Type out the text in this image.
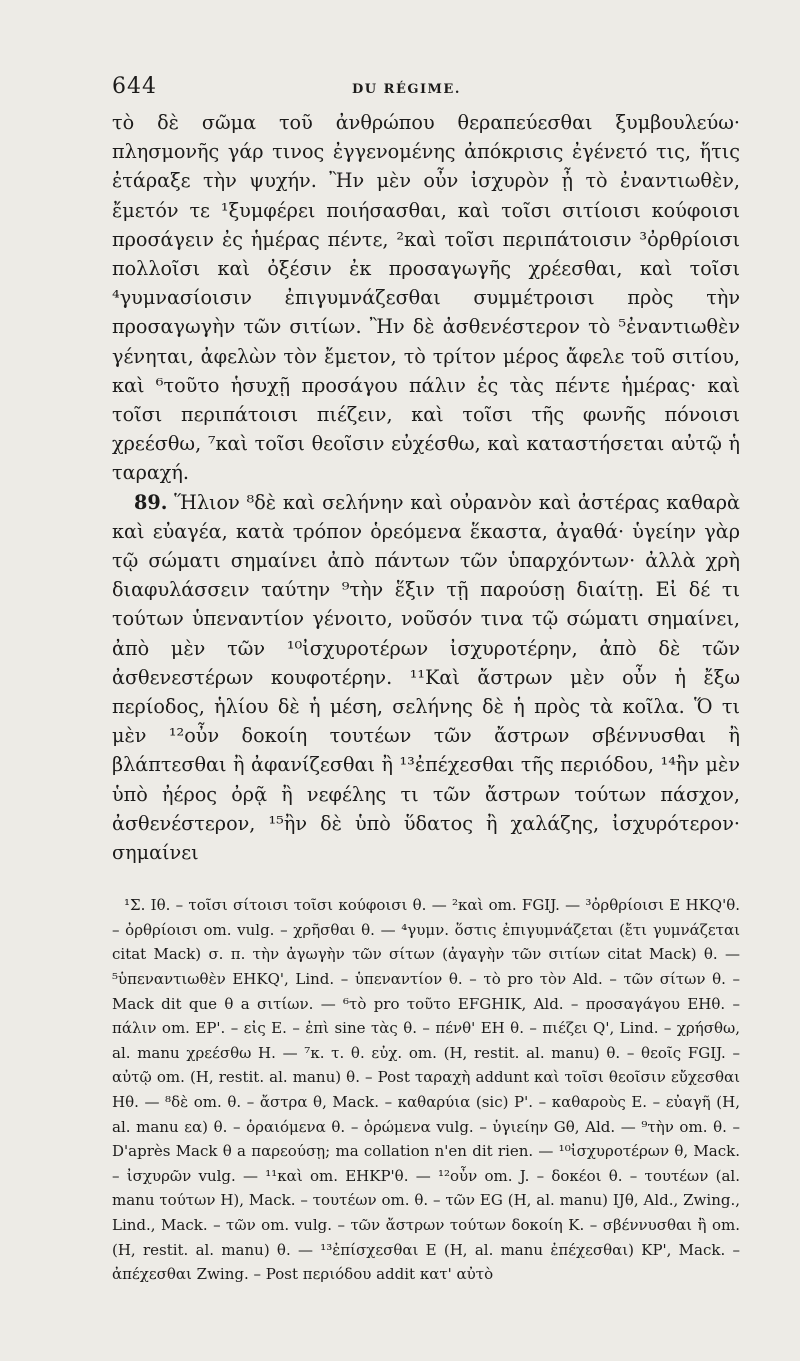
644	DU RÉGIME.

τὸ δὲ σῶμα τοῦ ἀνθρώπου θεραπεύεσθαι ξυμβουλεύω· πλησμονῆς γάρ τινος ἐγγενομένης ἀπόκρισις ἐγένετό τις, ἥτις ἐτάραξε τὴν ψυχήν. Ἢν μὲν οὖν ἰσχυρὸν ᾖ τὸ ἐναντιωθὲν, ἔμετόν τε ¹ξυμφέρει ποιήσασθαι, καὶ τοῖσι σιτίοισι κούφοισι προσάγειν ἐς ἡμέρας πέντε, ²καὶ τοῖσι περιπάτοισιν ³ὀρθρίοισι πολλοῖσι καὶ ὀξέσιν ἐκ προσαγωγῆς χρέεσθαι, καὶ τοῖσι ⁴γυμνασίοισιν ἐπιγυμνάζεσθαι συμμέτροισι πρὸς τὴν προσαγωγὴν τῶν σιτίων. Ἢν δὲ ἀσθενέστερον τὸ ⁵ἐναντιωθὲν γένηται, ἀφελὼν τὸν ἔμετον, τὸ τρίτον μέρος ἄφελε τοῦ σιτίου, καὶ ⁶τοῦτο ἡσυχῇ προσάγου πάλιν ἐς τὰς πέντε ἡμέρας· καὶ τοῖσι περιπάτοισι πιέζειν, καὶ τοῖσι τῆς φωνῆς πόνοισι χρεέσθω, ⁷καὶ τοῖσι θεοῖσιν εὐχέσθω, καὶ καταστήσεται αὐτῷ ἡ ταραχή.

89. Ἥλιον ⁸δὲ καὶ σελήνην καὶ οὐρανὸν καὶ ἀστέρας καθαρὰ καὶ εὐαγέα, κατὰ τρόπον ὁρεόμενα ἕκαστα, ἀγαθά· ὑγείην γὰρ τῷ σώματι σημαίνει ἀπὸ πάντων τῶν ὑπαρχόντων· ἀλλὰ χρὴ διαφυλάσσειν ταύτην ⁹τὴν ἕξιν τῇ παρούσῃ διαίτῃ. Εἰ δέ τι τούτων ὑπεναντίον γένοιτο, νοῦσόν τινα τῷ σώματι σημαίνει, ἀπὸ μὲν τῶν ¹⁰ἰσχυροτέρων ἰσχυροτέρην, ἀπὸ δὲ τῶν ἀσθενεστέρων κουφοτέρην. ¹¹Καὶ ἄστρων μὲν οὖν ἡ ἔξω περίοδος, ἡλίου δὲ ἡ μέση, σελήνης δὲ ἡ πρὸς τὰ κοῖλα. Ὅ τι μὲν ¹²οὖν δοκοίη τουτέων τῶν ἄστρων σβέννυσθαι ἢ βλάπτεσθαι ἢ ἀφανίζεσθαι ἢ ¹³ἐπέχεσθαι τῆς περιόδου, ¹⁴ἢν μὲν ὑπὸ ἠέρος ὀρᾷ ἢ νεφέλης τι τῶν ἄστρων τούτων πάσχον, ἀσθενέστερον, ¹⁵ἢν δὲ ὑπὸ ὕδατος ἢ χαλάζης, ἰσχυρότερον· σημαίνει

¹Σ. Ιθ. – τοῖσι σίτοισι τοῖσι κούφοισι θ. — ²καὶ om. FGIJ. — ³ὀρθρίοισι E HKQ'θ. – ὀρθρίοισι om. vulg. – χρῆσθαι θ. — ⁴γυμν. ὅστις ἐπιγυμνάζεται (ἔτι γυμνάζεται citat Mack) σ. π. τὴν ἀγωγὴν τῶν σίτων (ἀγαγὴν τῶν σιτίων citat Mack) θ. — ⁵ὑπεναντιωθὲν EHKQ', Lind. – ὑπεναντίον θ. – τὸ pro τὸν Ald. – τῶν σίτων θ. – Mack dit que θ a σιτίων. — ⁶τὸ pro τοῦτο EFGHIK, Ald. – προσαγάγου EHθ. – πάλιν om. EP'. – εἰς E. – ἐπὶ sine τὰς θ. – πένθ' EH θ. – πιέζει Q', Lind. – χρήσθω, al. manu χρεέσθω H. — ⁷κ. τ. θ. εὐχ. om. (H, restit. al. manu) θ. – θεοῖς FGIJ. – αὐτῷ om. (H, restit. al. manu) θ. – Post ταραχὴ addunt καὶ τοῖσι θεοῖσιν εὔχεσθαι Hθ. — ⁸δὲ om. θ. – ἄστρα θ, Mack. – καθαρύια (sic) P'. – καθαροὺς E. – εὐαγῆ (H, al. manu εα) θ. – ὁραιόμενα θ. – ὁρώμενα vulg. – ὑγιείην Gθ, Ald. — ⁹τὴν om. θ. – D'après Mack θ a παρεούσῃ; ma collation n'en dit rien. — ¹⁰ἰσχυροτέρων θ, Mack. – ἰσχυρῶν vulg. — ¹¹καὶ om. EHKP'θ. — ¹²οὖν om. J. – δοκέοι θ. – τουτέων (al. manu τούτων H), Mack. – τουτέων om. θ. – τῶν EG (H, al. manu) IJθ, Ald., Zwing., Lind., Mack. – τῶν om. vulg. – τῶν ἄστρων τούτων δοκοίη K. – σβέννυσθαι ἢ om. (H, restit. al. manu) θ. — ¹³ἐπίσχεσθαι E (H, al. manu ἐπέχεσθαι) KP', Mack. – ἀπέχεσθαι Zwing. – Post περιόδου addit κατ' αὐτὸ
